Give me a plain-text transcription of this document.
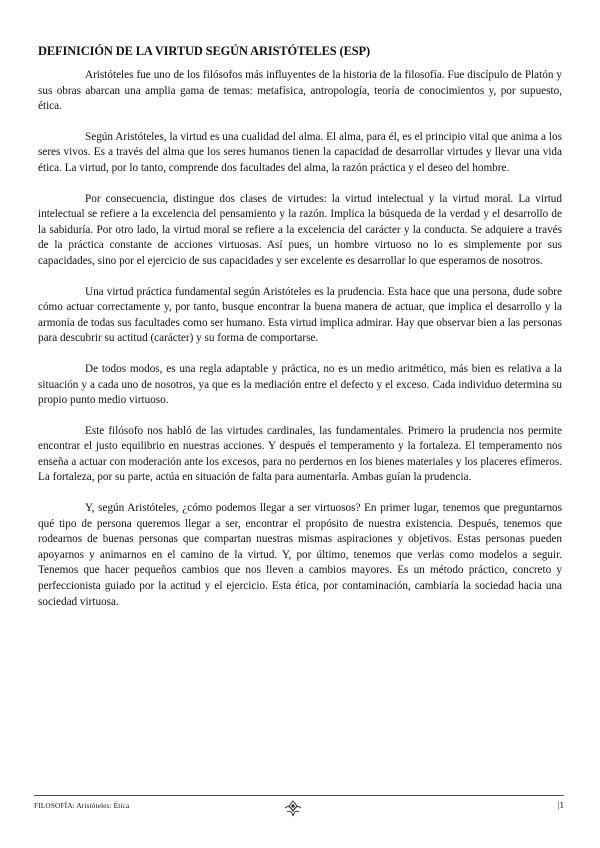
DEFINICIÓN DE LA VIRTUD SEGÚN ARISTÓTELES (ESP)

Aristóteles fue uno de los filósofos más influyentes de la historia de la filosofía. Fue discípulo de Platón y sus obras abarcan una amplia gama de temas: metafísica, antropología, teoría de conocimientos y, por supuesto, ética.

Según Aristóteles, la virtud es una cualidad del alma. El alma, para él, es el principio vital que anima a los seres vivos. Es a través del alma que los seres humanos tienen la capacidad de desarrollar virtudes y llevar una vida ética. La virtud, por lo tanto, comprende dos facultades del alma, la razón práctica y el deseo del hombre.

Por consecuencia, distingue dos clases de virtudes: la virtud intelectual y la virtud moral. La virtud intelectual se refiere a la excelencia del pensamiento y la razón. Implica la búsqueda de la verdad y el desarrollo de la sabiduría. Por otro lado, la virtud moral se refiere a la excelencia del carácter y la conducta. Se adquiere a través de la práctica constante de acciones virtuosas. Así pues, un hombre virtuoso no lo es simplemente por sus capacidades, sino por el ejercicio de sus capacidades y ser excelente es desarrollar lo que esperamos de nosotros.

Una virtud práctica fundamental según Aristóteles es la prudencia. Esta hace que una persona, dude sobre cómo actuar correctamente y, por tanto, busque encontrar la buena manera de actuar, que implica el desarrollo y la armonía de todas sus facultades como ser humano. Esta virtud implica admirar. Hay que observar bien a las personas para descubrir su actitud (carácter) y su forma de comportarse.

De todos modos, es una regla adaptable y práctica, no es un medio aritmético, más bien es relativa a la situación y a cada uno de nosotros, ya que es la mediación entre el defecto y el exceso. Cada individuo determina su propio punto medio virtuoso.

Este filósofo nos habló de las virtudes cardinales, las fundamentales. Primero la prudencia nos permite encontrar el justo equilibrio en nuestras acciones. Y después el temperamento y la fortaleza. El temperamento nos enseña a actuar con moderación ante los excesos, para no perdernos en los bienes materiales y los placeres efímeros. La fortaleza, por su parte, actúa en situación de falta para aumentarla. Ambas guían la prudencia.

Y, según Aristóteles, ¿cómo podemos llegar a ser virtuosos? En primer lugar, tenemos que preguntarnos qué tipo de persona queremos llegar a ser, encontrar el propósito de nuestra existencia. Después, tenemos que rodearnos de buenas personas que compartan nuestras mismas aspiraciones y objetivos. Estas personas pueden apoyarnos y animarnos en el camino de la virtud. Y, por último, tenemos que verlas como modelos a seguir. Tenemos que hacer pequeños cambios que nos lleven a cambios mayores. Es un método práctico, concreto y perfeccionista guiado por la actitud y el ejercicio. Esta ética, por contaminación, cambiaría la sociedad hacia una sociedad virtuosa.

FILOSOFÍA: Aristóteles: Ética	|1
